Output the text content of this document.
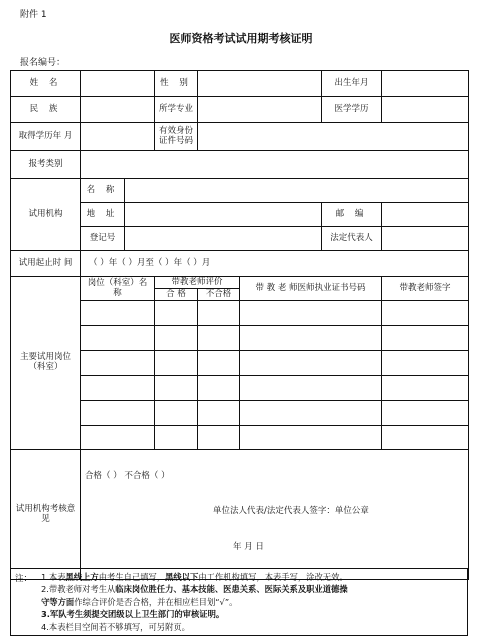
附件 1
医师资格考试试用期考核证明
报名编号：
姓 名			性 别			出生年月	
民 族			所学专业			医学学历	
取得学历年 月			有效身份证件号码				
报考类别							
试用机构	名 称						
	地 址					邮 编	
	登记号					法定代表人	
试用起止时 间	（ ）年（ ）月至（ ）年（ ）月						
主要试用岗位（科室）	岗位（科室）名 称		带教老师评价		带 教 老 师医师执业证书号码		带教老师签字
			合 格	不合格			

试用机构考核意见	合格（ ） 不合格（ ）
单位法人代表/法定代表人签字：单位公章
年 月 日						
注： 1.本表黑线上方由考生自己填写，黑线以下由工作机构填写，本表手写，涂改无效。
2.带教老师对考生从临床岗位胜任力、基本技能、医患关系、医际关系及职业道德操
守等方面作综合评价是否合格，并在相应栏目划“√”。
3.军队考生须提交团级以上卫生部门的审核证明。
4.本表栏目空间若不够填写，可另附页。
